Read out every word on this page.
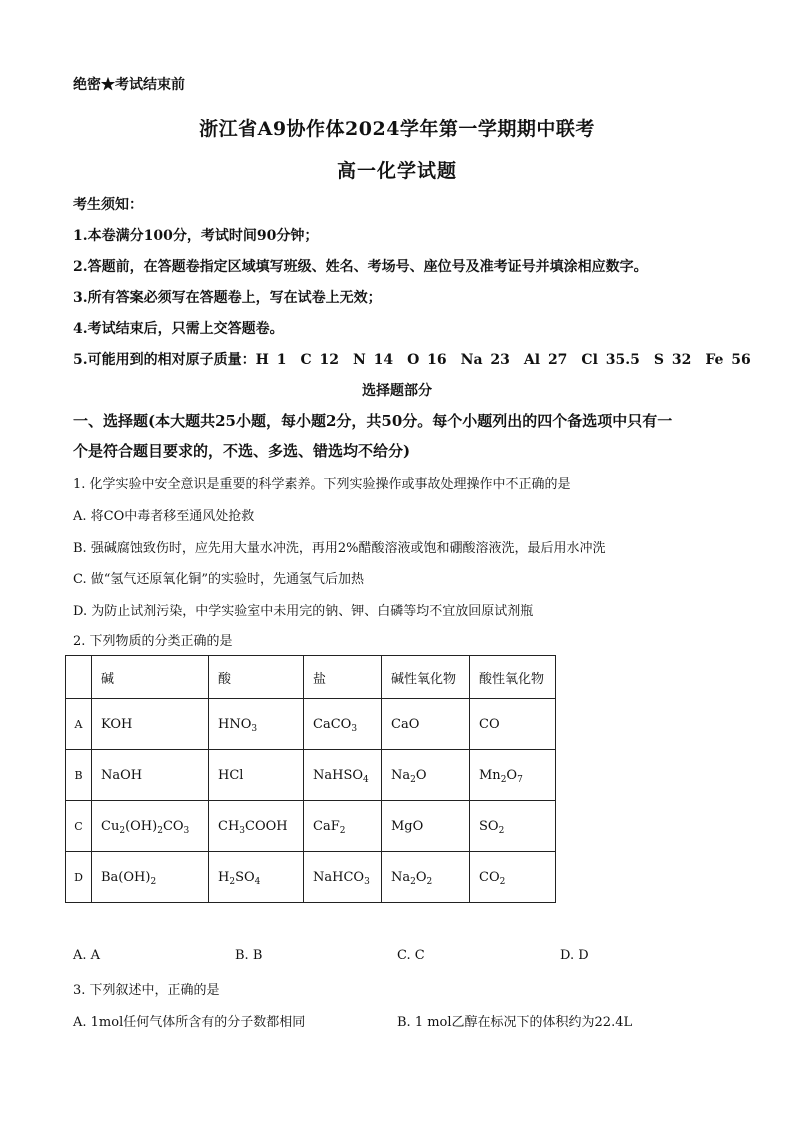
绝密★考试结束前
浙江省A9协作体2024学年第一学期期中联考
高一化学试题
考生须知：
1.本卷满分100分，考试时间90分钟；
2.答题前，在答题卷指定区域填写班级、姓名、考场号、座位号及准考证号并填涂相应数字。
3.所有答案必须写在答题卷上，写在试卷上无效；
4.考试结束后，只需上交答题卷。
5.可能用到的相对原子质量：H 1　C 12　N 14　O 16　Na 23　Al 27　Cl 35.5　S 32　Fe 56
选择题部分
一、选择题(本大题共25小题，每小题2分，共50分。每个小题列出的四个备选项中只有一
个是符合题目要求的，不选、多选、错选均不给分)
1. 化学实验中安全意识是重要的科学素养。下列实验操作或事故处理操作中不正确的是
A. 将CO中毒者移至通风处抢救
B. 强碱腐蚀致伤时，应先用大量水冲洗，再用2%醋酸溶液或饱和硼酸溶液洗，最后用水冲洗
C. 做“氢气还原氧化铜”的实验时，先通氢气后加热
D. 为防止试剂污染，中学实验室中未用完的钠、钾、白磷等均不宜放回原试剂瓶
2. 下列物质的分类正确的是
	碱	酸	盐	碱性氧化物	酸性氧化物
A	KOH	$HNO_3$	CaCO$_3$	CaO	CO
B	NaOH	HCl	NaHSO$_4$	$Na_2O$	$Mn_2O_7$
C	$Cu_2(OH)_2CO_3$	$CH_3COOH$	CaF$_2$	MgO	$SO_2$
D	$Ba(OH)_2$	$H_2SO_4$	NaHCO$_3$	$Na_2O_2$	$CO_2$
A. A	B. B	C. C	D. D
3. 下列叙述中，正确的是
A. 1mol任何气体所含有的分子数都相同	B. 1 mol乙醇在标况下的体积约为22.4L
